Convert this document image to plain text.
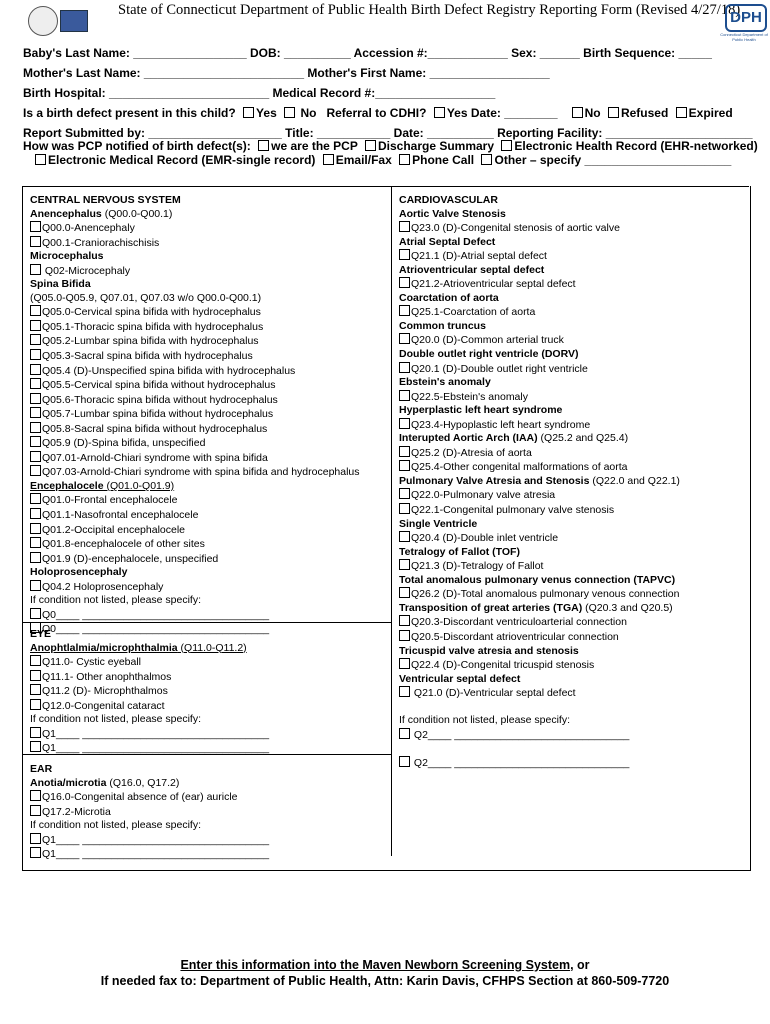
State of Connecticut Department of Public Health Birth Defect Registry Reporting Form (Revised 4/27/18)
DPH
Connecticut Department of Public Health
Baby's Last Name: _________________ DOB: __________ Accession #:____________ Sex: ______ Birth Sequence: _____
Mother's Last Name: ________________________ Mother's First Name: __________________
Birth Hospital: ________________________ Medical Record #:__________________
Is a birth defect present in this child? Yes No Referral to CDHI? Yes Date: ________ No Refused Expired
Report Submitted by: ____________________ Title: ___________ Date: __________ Reporting Facility: ______________________
How was PCP notified of birth defect(s): we are the PCP Discharge Summary Electronic Health Record (EHR-networked)
Electronic Medical Record (EMR-single record) Email/Fax Phone Call Other – specify ______________________
CENTRAL NERVOUS SYSTEM
Anencephalus (Q00.0-Q00.1)
Q00.0-Anencephaly
Q00.1-Craniorachischisis
Microcephalus
Q02-Microcephaly
Spina Bifida
(Q05.0-Q05.9, Q07.01, Q07.03 w/o Q00.0-Q00.1)
Q05.0-Cervical spina bifida with hydrocephalus
Q05.1-Thoracic spina bifida with hydrocephalus
Q05.2-Lumbar spina bifida with hydrocephalus
Q05.3-Sacral spina bifida with hydrocephalus
Q05.4 (D)-Unspecified spina bifida with hydrocephalus
Q05.5-Cervical spina bifida without hydrocephalus
Q05.6-Thoracic spina bifida without hydrocephalus
Q05.7-Lumbar spina bifida without hydrocephalus
Q05.8-Sacral spina bifida without hydrocephalus
Q05.9 (D)-Spina bifida, unspecified
Q07.01-Arnold-Chiari syndrome with spina bifida
Q07.03-Arnold-Chiari syndrome with spina bifida and hydrocephalus
Encephalocele (Q01.0-Q01.9)
Q01.0-Frontal encephalocele
Q01.1-Nasofrontal encephalocele
Q01.2-Occipital encephalocele
Q01.8-encephalocele of other sites
Q01.9 (D)-encephalocele, unspecified
Holoprosencephaly
Q04.2 Holoprosencephaly
If condition not listed, please specify:
Q0____ ________________________________
Q0____ ________________________________
EYE
Anophtlalmia/microphthalmia (Q11.0-Q11.2)
Q11.0- Cystic eyeball
Q11.1- Other anophthalmos
Q11.2 (D)- Microphthalmos
Q12.0-Congenital cataract
If condition not listed, please specify:
Q1____ ________________________________
Q1____ ________________________________
EAR
Anotia/microtia (Q16.0, Q17.2)
Q16.0-Congenital absence of (ear) auricle
Q17.2-Microtia
If condition not listed, please specify:
Q1____ ________________________________
Q1____ ________________________________
CARDIOVASCULAR
Aortic Valve Stenosis
Q23.0 (D)-Congenital stenosis of aortic valve
Atrial Septal Defect
Q21.1 (D)-Atrial septal defect
Atrioventricular septal defect
Q21.2-Atrioventricular septal defect
Coarctation of aorta
Q25.1-Coarctation of aorta
Common truncus
Q20.0 (D)-Common arterial truck
Double outlet right ventricle (DORV)
Q20.1 (D)-Double outlet right ventricle
Ebstein's anomaly
Q22.5-Ebstein's anomaly
Hyperplastic left heart syndrome
Q23.4-Hypoplastic left heart syndrome
Interupted Aortic Arch (IAA) (Q25.2 and Q25.4)
Q25.2 (D)-Atresia of aorta
Q25.4-Other congenital malformations of aorta
Pulmonary Valve Atresia and Stenosis (Q22.0 and Q22.1)
Q22.0-Pulmonary valve atresia
Q22.1-Congenital pulmonary valve stenosis
Single Ventricle
Q20.4 (D)-Double inlet ventricle
Tetralogy of Fallot (TOF)
Q21.3 (D)-Tetralogy of Fallot
Total anomalous pulmonary venus connection (TAPVC)
Q26.2 (D)-Total anomalous pulmonary venous connection
Transposition of great arteries (TGA) (Q20.3 and Q20.5)
Q20.3-Discordant ventriculoarterial connection
Q20.5-Discordant atrioventricular connection
Tricuspid valve atresia and stenosis
Q22.4 (D)-Congenital tricuspid stenosis
Ventricular septal defect
Q21.0 (D)-Ventricular septal defect

If condition not listed, please specify:
Q2____ ______________________________

Q2____ ______________________________
Enter this information into the Maven Newborn Screening System, or
If needed fax to: Department of Public Health, Attn: Karin Davis, CFHPS Section at 860-509-7720
